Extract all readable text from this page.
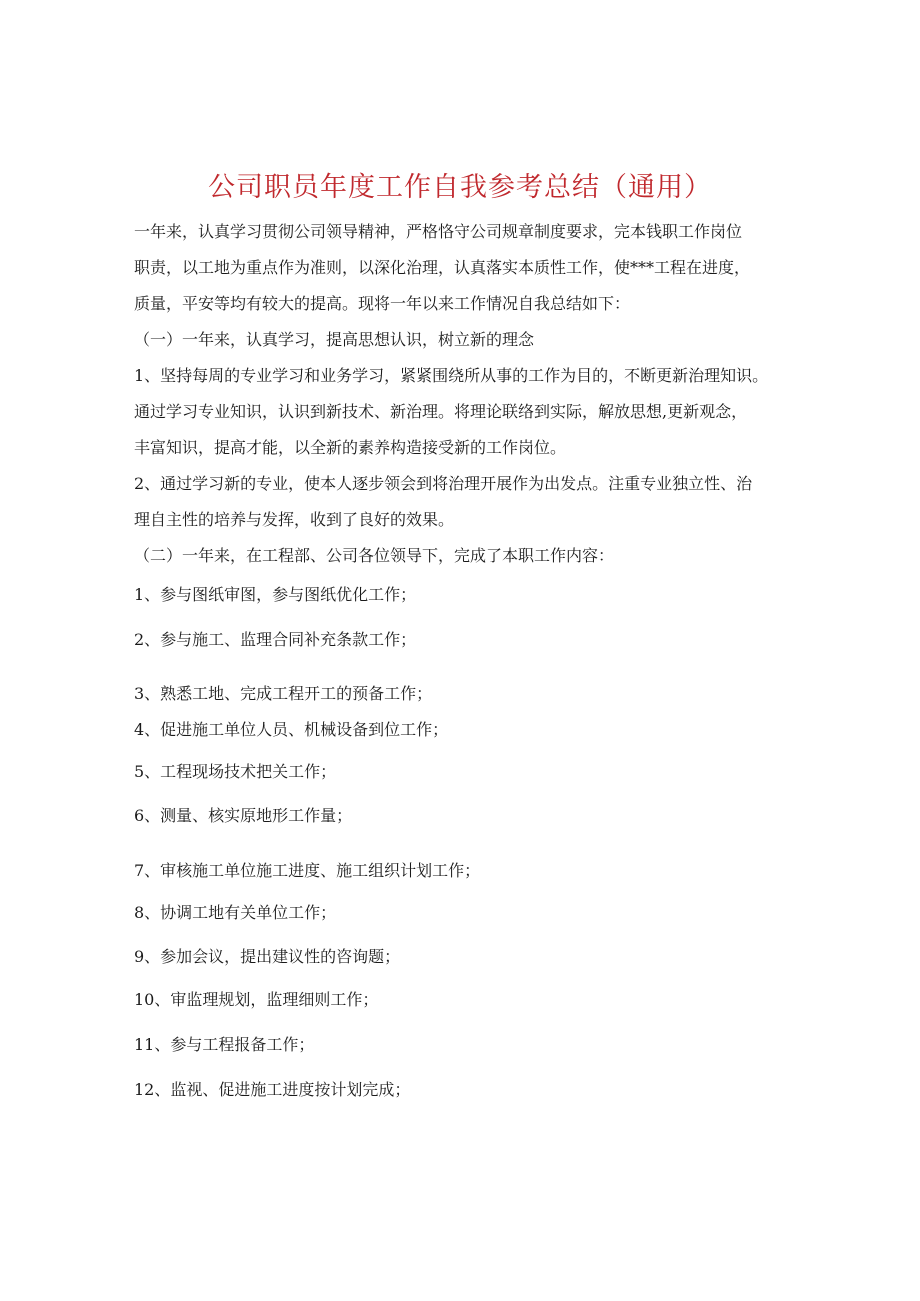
公司职员年度工作自我参考总结（通用）
一年来，认真学习贯彻公司领导精神，严格恪守公司规章制度要求，完本钱职工作岗位
职责，以工地为重点作为准则，以深化治理，认真落实本质性工作，使***工程在进度，
质量，平安等均有较大的提高。现将一年以来工作情况自我总结如下：
（一）一年来，认真学习，提高思想认识，树立新的理念
1、坚持每周的专业学习和业务学习，紧紧围绕所从事的工作为目的，不断更新治理知识。
通过学习专业知识，认识到新技术、新治理。将理论联络到实际，解放思想,更新观念，
丰富知识，提高才能，以全新的素养构造接受新的工作岗位。
2、通过学习新的专业，使本人逐步领会到将治理开展作为出发点。注重专业独立性、治
理自主性的培养与发挥，收到了良好的效果。
（二）一年来，在工程部、公司各位领导下，完成了本职工作内容：
1、参与图纸审图，参与图纸优化工作；
2、参与施工、监理合同补充条款工作；
3、熟悉工地、完成工程开工的预备工作；
4、促进施工单位人员、机械设备到位工作；
5、工程现场技术把关工作；
6、测量、核实原地形工作量；
7、审核施工单位施工进度、施工组织计划工作；
8、协调工地有关单位工作；
9、参加会议，提出建议性的咨询题；
10、审监理规划，监理细则工作；
11、参与工程报备工作；
12、监视、促进施工进度按计划完成；
